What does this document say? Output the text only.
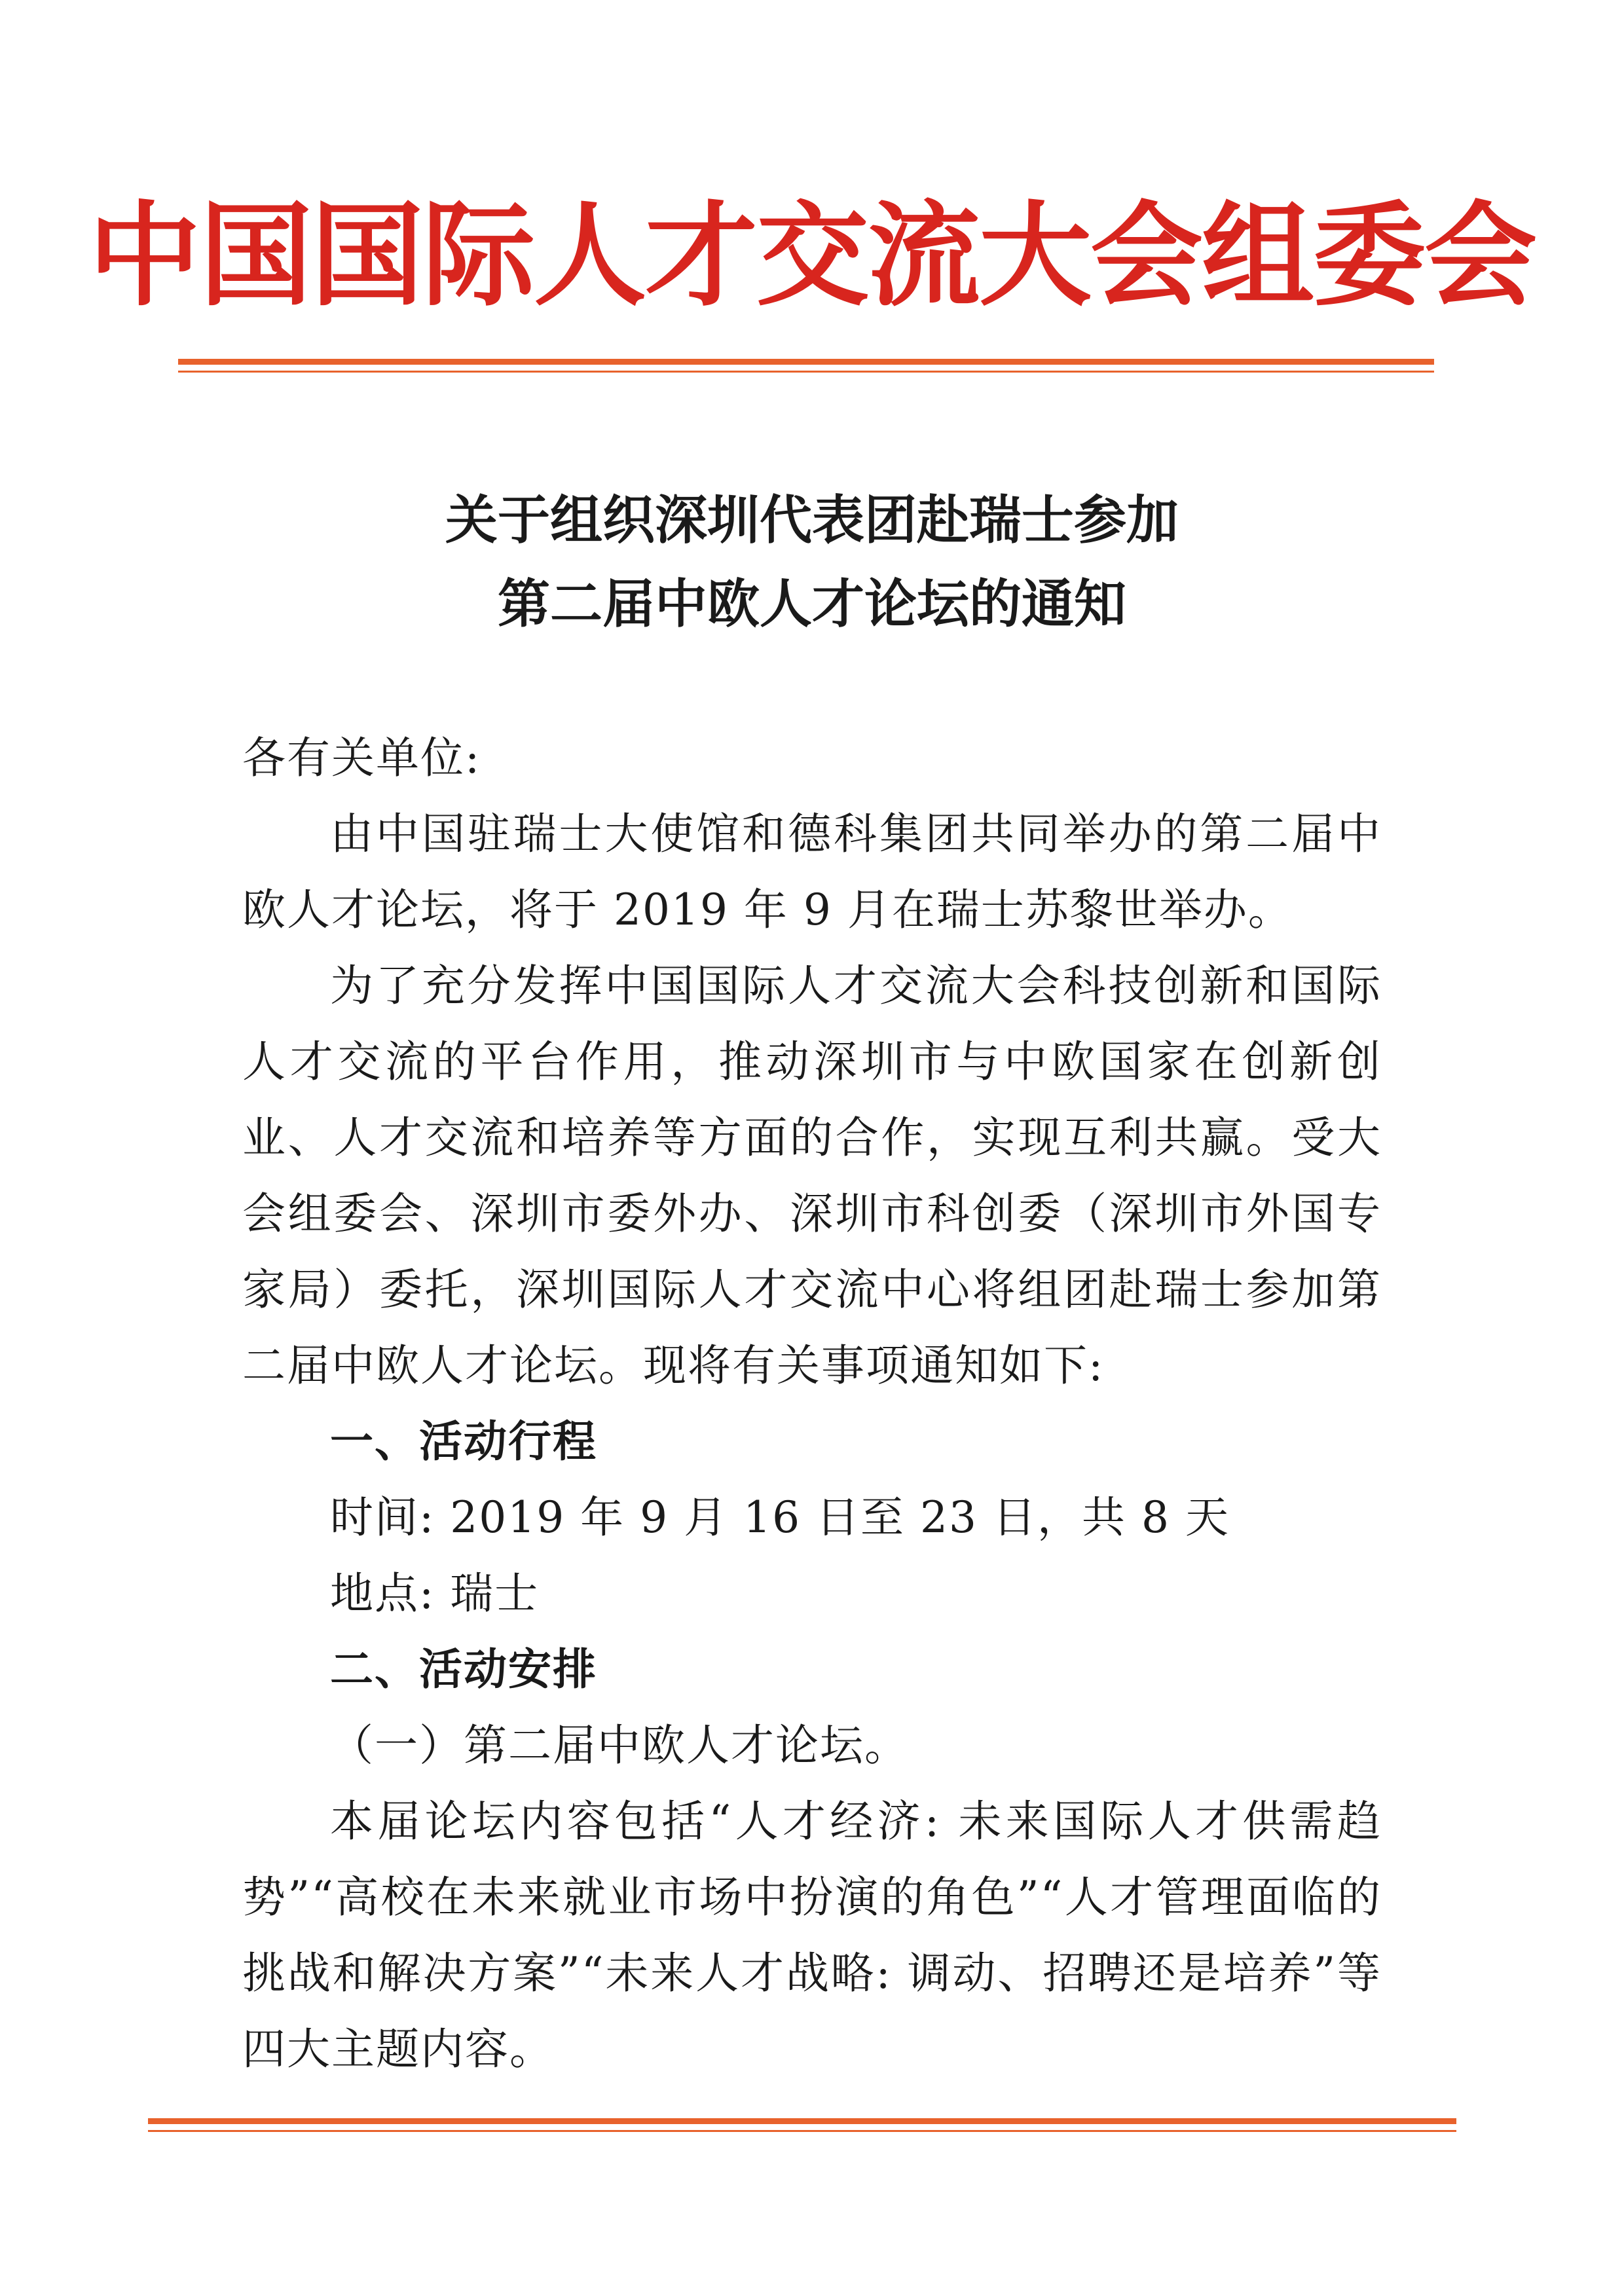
中国国际人才交流大会组委会
关于组织深圳代表团赴瑞士参加
第二届中欧人才论坛的通知

各有关单位:

由中国驻瑞士大使馆和德科集团共同举办的第二届中欧人才论坛，将于 2019 年 9 月在瑞士苏黎世举办。

为了充分发挥中国国际人才交流大会科技创新和国际人才交流的平台作用，推动深圳市与中欧国家在创新创业、人才交流和培养等方面的合作，实现互利共赢。受大会组委会、深圳市委外办、深圳市科创委（深圳市外国专家局）委托，深圳国际人才交流中心将组团赴瑞士参加第二届中欧人才论坛。现将有关事项通知如下:

一、活动行程

时间: 2019 年 9 月 16 日至 23 日，共 8 天

地点: 瑞士

二、活动安排

（一）第二届中欧人才论坛。

本届论坛内容包括“人才经济: 未来国际人才供需趋势”“高校在未来就业市场中扮演的角色”“人才管理面临的挑战和解决方案”“未来人才战略: 调动、招聘还是培养”等四大主题内容。
